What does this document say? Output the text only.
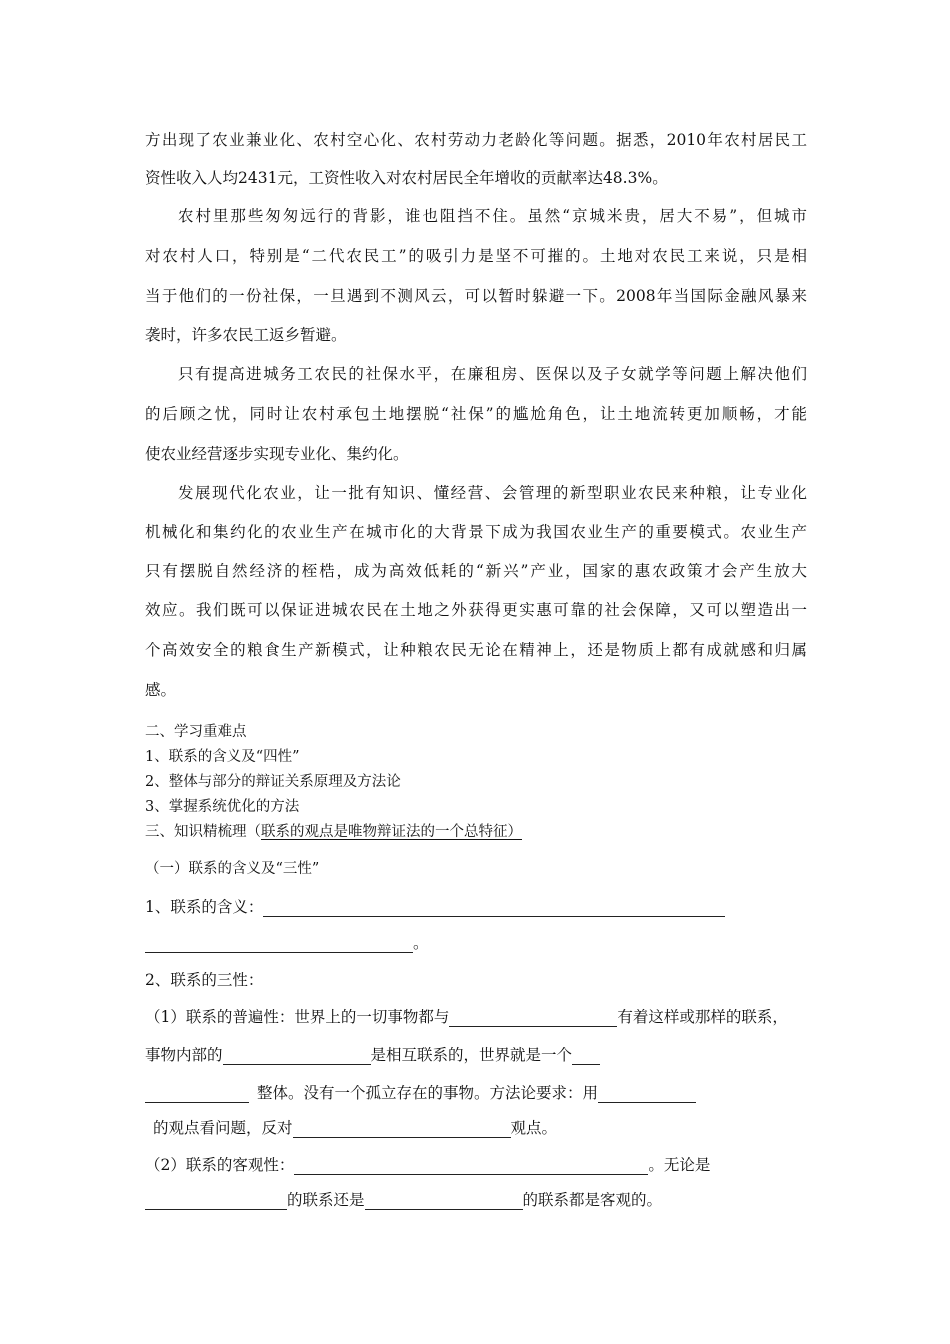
方出现了农业兼业化、农村空心化、农村劳动力老龄化等问题。据悉，2010年农村居民工
资性收入人均2431元，工资性收入对农村居民全年增收的贡献率达48.3%。
农村里那些匆匆远行的背影，谁也阻挡不住。虽然“京城米贵，居大不易”，但城市
对农村人口，特别是“二代农民工”的吸引力是坚不可摧的。土地对农民工来说，只是相
当于他们的一份社保，一旦遇到不测风云，可以暂时躲避一下。2008年当国际金融风暴来
袭时，许多农民工返乡暂避。
只有提高进城务工农民的社保水平，在廉租房、医保以及子女就学等问题上解决他们
的后顾之忧，同时让农村承包土地摆脱“社保”的尴尬角色，让土地流转更加顺畅，才能
使农业经营逐步实现专业化、集约化。
发展现代化农业，让一批有知识、懂经营、会管理的新型职业农民来种粮，让专业化
机械化和集约化的农业生产在城市化的大背景下成为我国农业生产的重要模式。农业生产
只有摆脱自然经济的桎梏，成为高效低耗的“新兴”产业，国家的惠农政策才会产生放大
效应。我们既可以保证进城农民在土地之外获得更实惠可靠的社会保障，又可以塑造出一
个高效安全的粮食生产新模式，让种粮农民无论在精神上，还是物质上都有成就感和归属
感。
二、学习重难点
1、联系的含义及“四性”
2、整体与部分的辩证关系原理及方法论
3、掌握系统优化的方法
三、知识精梳理（联系的观点是唯物辩证法的一个总特征）
（一）联系的含义及“三性”
1、联系的含义：
。
2、联系的三性：
（1）联系的普遍性：世界上的一切事物都与	有着这样或那样的联系，
事物内部的	是相互联系的，世界就是一个
整体。没有一个孤立存在的事物。方法论要求：用
的观点看问题，反对	观点。
（2）联系的客观性：	。无论是
的联系还是	的联系都是客观的。
